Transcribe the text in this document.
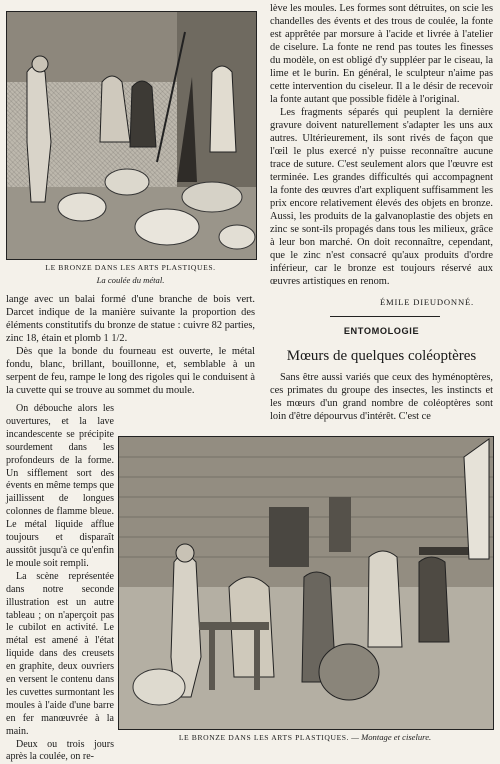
LE BRONZE DANS LES ARTS PLASTIQUES.
La coulée du métal.

lève les moules. Les formes sont détruites, on scie les chandelles des évents et des trous de coulée, la fonte est apprêtée par morsure à l'acide et livrée à l'atelier de ciselure. La fonte ne rend pas toutes les finesses du modèle, on est obligé d'y suppléer par le ciseau, la lime et le burin. En général, le sculpteur n'aime pas cette intervention du ciseleur. Il a le désir de recevoir la fonte autant que possible fidèle à l'original.

Les fragments séparés qui peuplent la dernière gravure doivent naturellement s'adapter les uns aux autres. Ultérieurement, ils sont rivés de façon que l'œil le plus exercé n'y puisse reconnaître aucune trace de suture. C'est seulement alors que l'œuvre est terminée. Les grandes difficultés qui accompagnent la fonte des œuvres d'art expliquent suffisamment les prix encore relativement élevés des objets en bronze. Aussi, les produits de la galvanoplastie des objets en zinc se sont-ils propagés dans tous les milieux, grâce à leur bon marché. On doit reconnaître, cependant, que le zinc n'est consacré qu'aux produits d'ordre inférieur, car le bronze est toujours réservé aux œuvres artistiques en renom.

ÉMILE DIEUDONNÉ.
ENTOMOLOGIE
Mœurs de quelques coléoptères

Sans être aussi variés que ceux des hyménoptères, ces primates du groupe des insectes, les instincts et les mœurs d'un grand nombre de coléoptères sont loin d'être dépourvus d'intérêt. C'est ce

lange avec un balai formé d'une branche de bois vert. Darcet indique de la manière suivante la proportion des éléments constitutifs du bronze de statue : cuivre 82 parties, zinc 18, étain et plomb 1 1/2.

Dès que la bonde du fourneau est ouverte, le métal fondu, blanc, brillant, bouillonne, et, semblable à un serpent de feu, rampe le long des rigoles qui le conduisent à la cuvette qui se trouve au sommet du moule.

On débouche alors les ouvertures, et la lave incandescente se précipite sourdement dans les profondeurs de la forme. Un sifflement sort des évents en même temps que jaillissent de longues colonnes de flamme bleue. Le métal liquide afflue toujours et disparaît aussitôt jusqu'à ce qu'enfin le moule soit rempli.

La scène représentée dans notre seconde illustration est un autre tableau ; on n'aperçoit pas le cubilot en activité. Le métal est amené à l'état liquide dans des creusets en graphite, deux ouvriers en versent le contenu dans les cuvettes surmontant les moules à l'aide d'une barre en fer manœuvrée à la main.

Deux ou trois jours après la coulée, on re-

LE BRONZE DANS LES ARTS PLASTIQUES. — Montage et ciselure.
